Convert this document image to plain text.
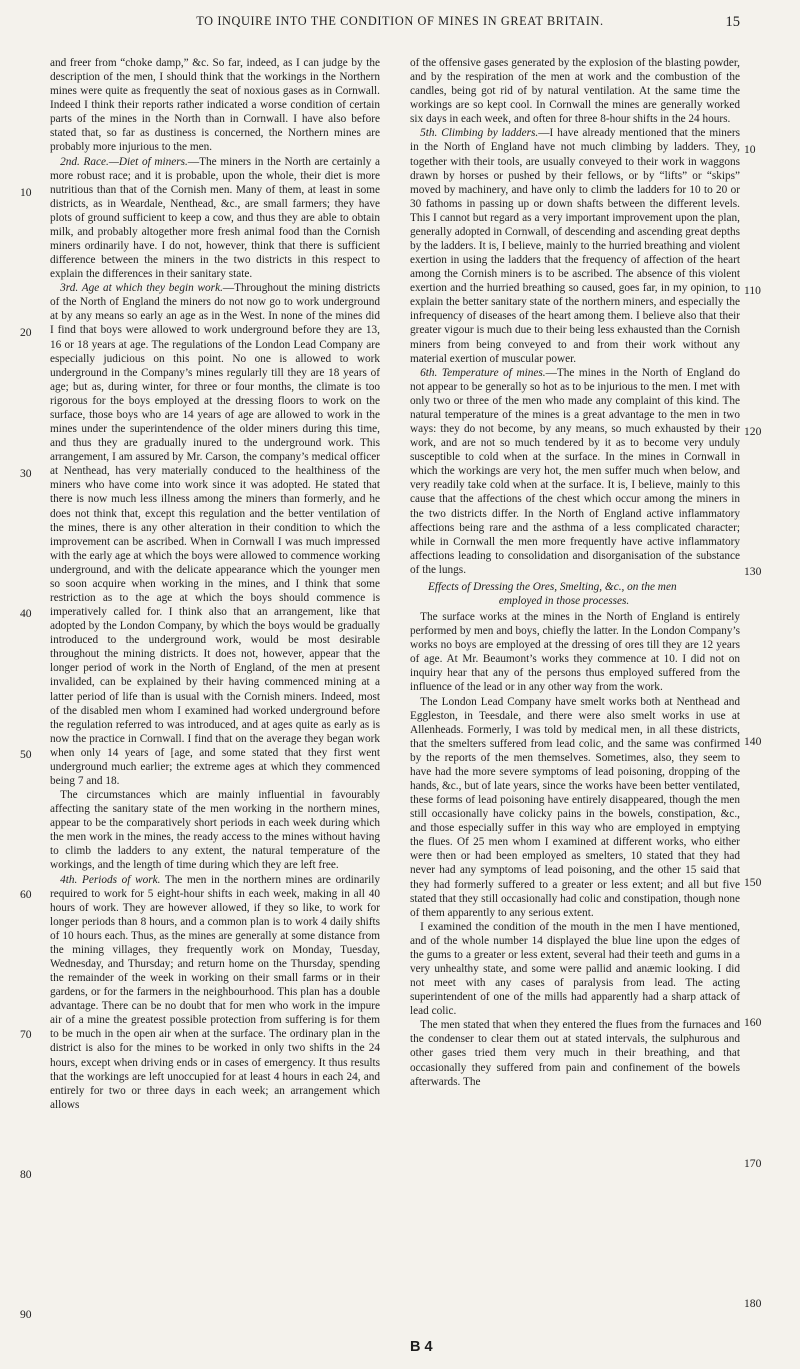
TO INQUIRE INTO THE CONDITION OF MINES IN GREAT BRITAIN.	15

and freer from “choke damp,” &c. So far, indeed, as I can judge by the description of the men, I should think that the workings in the Northern mines were quite as frequently the seat of noxious gases as in Cornwall. Indeed I think their reports rather indicated a worse condition of certain parts of the mines in the North than in Cornwall. I have also before stated that, so far as dustiness is concerned, the Northern mines are probably more injurious to the men.

2nd. Race.—Diet of miners.—The miners in the North are certainly a more robust race; and it is probable, upon the whole, their diet is more nutritious than that of the Cornish men. Many of them, at least in some districts, as in Weardale, Nenthead, &c., are small farmers; they have plots of ground sufficient to keep a cow, and thus they are able to obtain milk, and probably altogether more fresh animal food than the Cornish miners ordinarily have. I do not, however, think that there is sufficient difference between the miners in the two districts in this respect to explain the differences in their sanitary state.

3rd. Age at which they begin work.—Throughout the mining districts of the North of England the miners do not now go to work underground at by any means so early an age as in the West. In none of the mines did I find that boys were allowed to work underground before they are 13, 16 or 18 years at age. The regulations of the London Lead Company are especially judicious on this point. No one is allowed to work underground in the Company’s mines regularly till they are 18 years of age; but as, during winter, for three or four months, the climate is too rigorous for the boys employed at the dressing floors to work on the surface, those boys who are 14 years of age are allowed to work in the mines under the superintendence of the older miners during this time, and thus they are gradually inured to the underground work. This arrangement, I am assured by Mr. Carson, the company’s medical officer at Nenthead, has very materially conduced to the healthiness of the miners who have come into work since it was adopted. He stated that there is now much less illness among the miners than formerly, and he does not think that, except this regulation and the better ventilation of the mines, there is any other alteration in their condition to which the improvement can be ascribed. When in Cornwall I was much impressed with the early age at which the boys were allowed to commence working underground, and with the delicate appearance which the younger men so soon acquire when working in the mines, and I think that some restriction as to the age at which the boys should commence is imperatively called for. I think also that an arrangement, like that adopted by the London Company, by which the boys would be gradually introduced to the underground work, would be most desirable throughout the mining districts. It does not, however, appear that the longer period of work in the North of England, of the men at present invalided, can be explained by their having commenced mining at a latter period of life than is usual with the Cornish miners. Indeed, most of the disabled men whom I examined had worked underground before the regulation referred to was introduced, and at ages quite as early as is now the practice in Cornwall. I find that on the average they began work when only 14 years of [age, and some stated that they first went underground much earlier; the extreme ages at which they commenced being 7 and 18.

The circumstances which are mainly influential in favourably affecting the sanitary state of the men working in the northern mines, appear to be the comparatively short periods in each week during which the men work in the mines, the ready access to the mines without having to climb the ladders to any extent, the natural temperature of the workings, and the length of time during which they are left free.

4th. Periods of work. The men in the northern mines are ordinarily required to work for 5 eight-hour shifts in each week, making in all 40 hours of work. They are however allowed, if they so like, to work for longer periods than 8 hours, and a common plan is to work 4 daily shifts of 10 hours each. Thus, as the mines are generally at some distance from the mining villages, they frequently work on Monday, Tuesday, Wednesday, and Thursday; and return home on the Thursday, spending the remainder of the week in working on their small farms or in their gardens, or for the farmers in the neighbourhood. This plan has a double advantage. There can be no doubt that for men who work in the impure air of a mine the greatest possible protection from suffering is for them to be much in the open air when at the surface. The ordinary plan in the district is also for the mines to be worked in only two shifts in the 24 hours, except when driving ends or in cases of emergency. It thus results that the workings are left unoccupied for at least 4 hours in each 24, and entirely for two or three days in each week; an arrangement which allows

of the offensive gases generated by the explosion of the blasting powder, and by the respiration of the men at work and the combustion of the candles, being got rid of by natural ventilation. At the same time the workings are so kept cool. In Cornwall the mines are generally worked six days in each week, and often for three 8-hour shifts in the 24 hours.

5th. Climbing by ladders.—I have already mentioned that the miners in the North of England have not much climbing by ladders. They, together with their tools, are usually conveyed to their work in waggons drawn by horses or pushed by their fellows, or by “lifts” or “skips” moved by machinery, and have only to climb the ladders for 10 to 20 or 30 fathoms in passing up or down shafts between the different levels. This I cannot but regard as a very important improvement upon the plan, generally adopted in Cornwall, of descending and ascending great depths by the ladders. It is, I believe, mainly to the hurried breathing and violent exertion in using the ladders that the frequency of affection of the heart among the Cornish miners is to be ascribed. The absence of this violent exertion and the hurried breathing so caused, goes far, in my opinion, to explain the better sanitary state of the northern miners, and especially the infrequency of diseases of the heart among them. I believe also that their greater vigour is much due to their being less exhausted than the Cornish miners from being conveyed to and from their work without any material exertion of muscular power.

6th. Temperature of mines.—The mines in the North of England do not appear to be generally so hot as to be injurious to the men. I met with only two or three of the men who made any complaint of this kind. The natural temperature of the mines is a great advantage to the men in two ways: they do not become, by any means, so much exhausted by their work, and are not so much tendered by it as to become very unduly susceptible to cold when at the surface. In the mines in Cornwall in which the workings are very hot, the men suffer much when below, and very readily take cold when at the surface. It is, I believe, mainly to this cause that the affections of the chest which occur among the miners in the two districts differ. In the North of England active inflammatory affections being rare and the asthma of a less complicated character; while in Cornwall the men more frequently have active inflammatory affections leading to consolidation and disorganisation of the substance of the lungs.

Effects of Dressing the Ores, Smelting, &c., on the men

employed in those processes.

The surface works at the mines in the North of England is entirely performed by men and boys, chiefly the latter. In the London Company’s works no boys are employed at the dressing of ores till they are 12 years of age. At Mr. Beaumont’s works they commence at 10. I did not on inquiry hear that any of the persons thus employed suffered from the influence of the lead or in any other way from the work.

The London Lead Company have smelt works both at Nenthead and Eggleston, in Teesdale, and there were also smelt works in use at Allenheads. Formerly, I was told by medical men, in all these districts, that the smelters suffered from lead colic, and the same was confirmed by the reports of the men themselves. Sometimes, also, they seem to have had the more severe symptoms of lead poisoning, dropping of the hands, &c., but of late years, since the works have been better ventilated, these forms of lead poisoning have entirely disappeared, though the men still occasionally have colicky pains in the bowels, constipation, &c., and those especially suffer in this way who are employed in emptying the flues. Of 25 men whom I examined at different works, who either were then or had been employed as smelters, 10 stated that they had never had any symptoms of lead poisoning, and the other 15 said that they had formerly suffered to a greater or less extent; and all but five stated that they still occasionally had colic and constipation, though none of them apparently to any serious extent.

I examined the condition of the mouth in the men I have mentioned, and of the whole number 14 displayed the blue line upon the edges of the gums to a greater or less extent, several had their teeth and gums in a very unhealthy state, and some were pallid and anæmic looking. I did not meet with any cases of paralysis from lead. The acting superintendent of one of the mills had apparently had a sharp attack of lead colic.

The men stated that when they entered the flues from the furnaces and the condenser to clear them out at stated intervals, the sulphurous and other gases tried them very much in their breathing, and that occasionally they suffered from pain and confinement of the bowels afterwards. The

10
20
30
40
50
60
70
80
90
10
110
120
130
140
150
160
170
180
B 4
